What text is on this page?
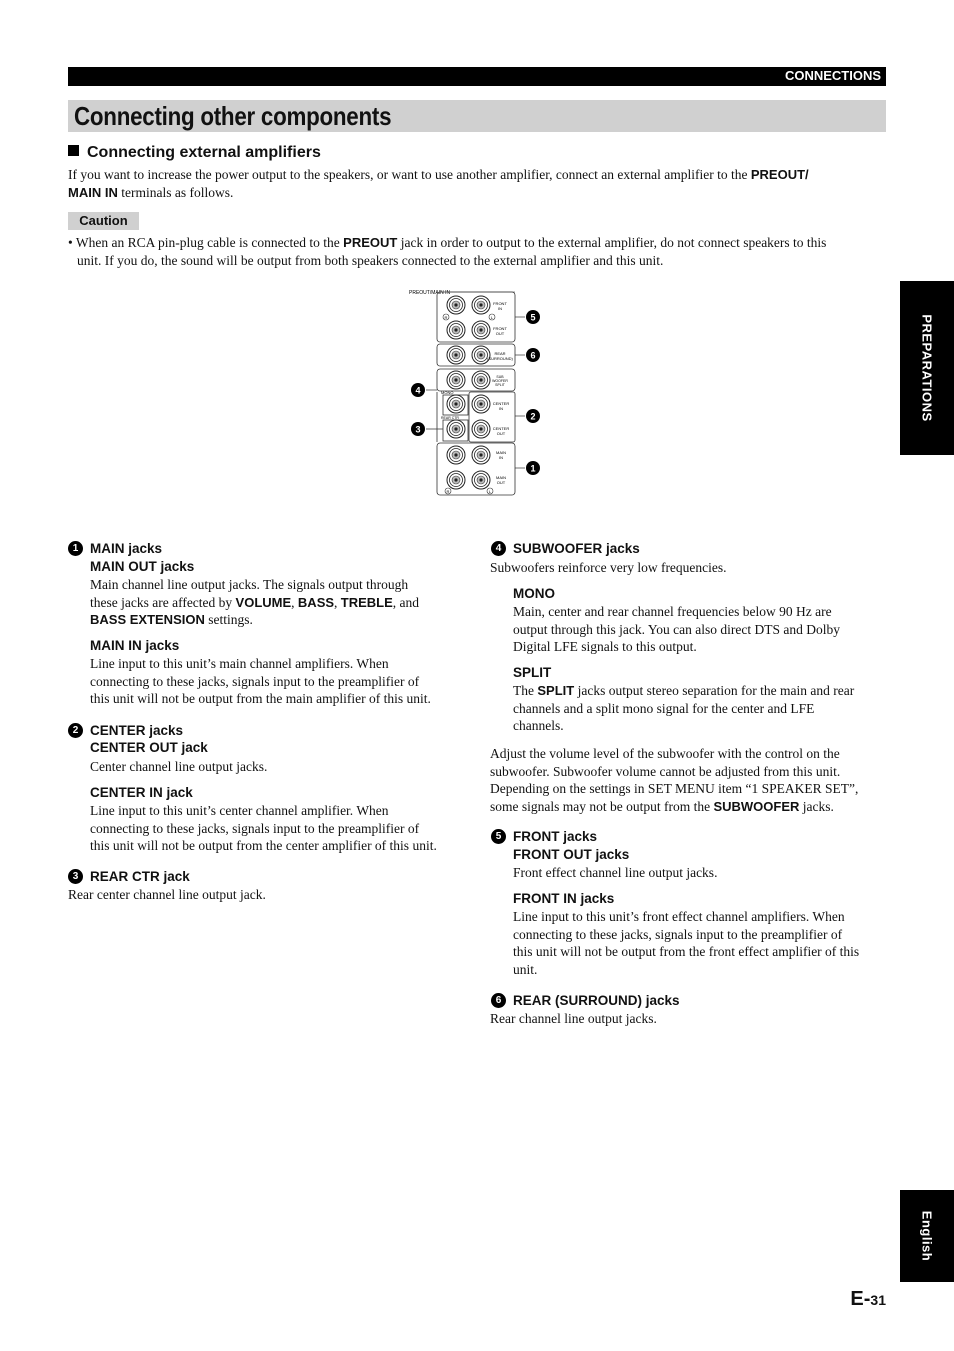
CONNECTIONS
Connecting other components
Connecting external amplifiers
If you want to increase the power output to the speakers, or want to use another amplifier, connect an external amplifier to the PREOUT/
MAIN IN terminals as follows.
Caution
• When an RCA pin-plug cable is connected to the PREOUT jack in order to output to the external amplifier, do not connect speakers to this
unit. If you do, the sound will be output from both speakers connected to the external amplifier and this unit.
PREPARATIONS
English
PREOUT/MAIN IN
R	L
FRONT
IN
FRONT
OUT
REAR
(SURROUND)
SUB
WOOFER
SPLIT
MONO
CENTER
IN
CENTER
OUT
REAR CTR
MAIN
IN
MAIN
OUT
R	L
5
6
2
1
4
3
1 MAIN jacks
MAIN OUT jacks
Main channel line output jacks. The signals output through
these jacks are affected by VOLUME, BASS, TREBLE, and
BASS EXTENSION settings.
MAIN IN jacks
Line input to this unit’s main channel amplifiers. When
connecting to these jacks, signals input to the preamplifier of
this unit will not be output from the main amplifier of this unit.
2 CENTER jacks
CENTER OUT jack
Center channel line output jacks.
CENTER IN jack
Line input to this unit’s center channel amplifier. When
connecting to these jacks, signals input to the preamplifier of
this unit will not be output from the center amplifier of this unit.
3 REAR CTR jack
Rear center channel line output jack.
4 SUBWOOFER jacks
Subwoofers reinforce very low frequencies.
MONO
Main, center and rear channel frequencies below 90 Hz are
output through this jack. You can also direct DTS and Dolby
Digital LFE signals to this output.
SPLIT
The SPLIT jacks output stereo separation for the main and rear
channels and a split mono signal for the center and LFE
channels.
Adjust the volume level of the subwoofer with the control on the
subwoofer. Subwoofer volume cannot be adjusted from this unit.
Depending on the settings in SET MENU item “1 SPEAKER SET”,
some signals may not be output from the SUBWOOFER jacks.
5 FRONT jacks
FRONT OUT jacks
Front effect channel line output jacks.
FRONT IN jacks
Line input to this unit’s front effect channel amplifiers. When
connecting to these jacks, signals input to the preamplifier of
this unit will not be output from the front effect amplifier of this
unit.
6 REAR (SURROUND) jacks
Rear channel line output jacks.
E-31
